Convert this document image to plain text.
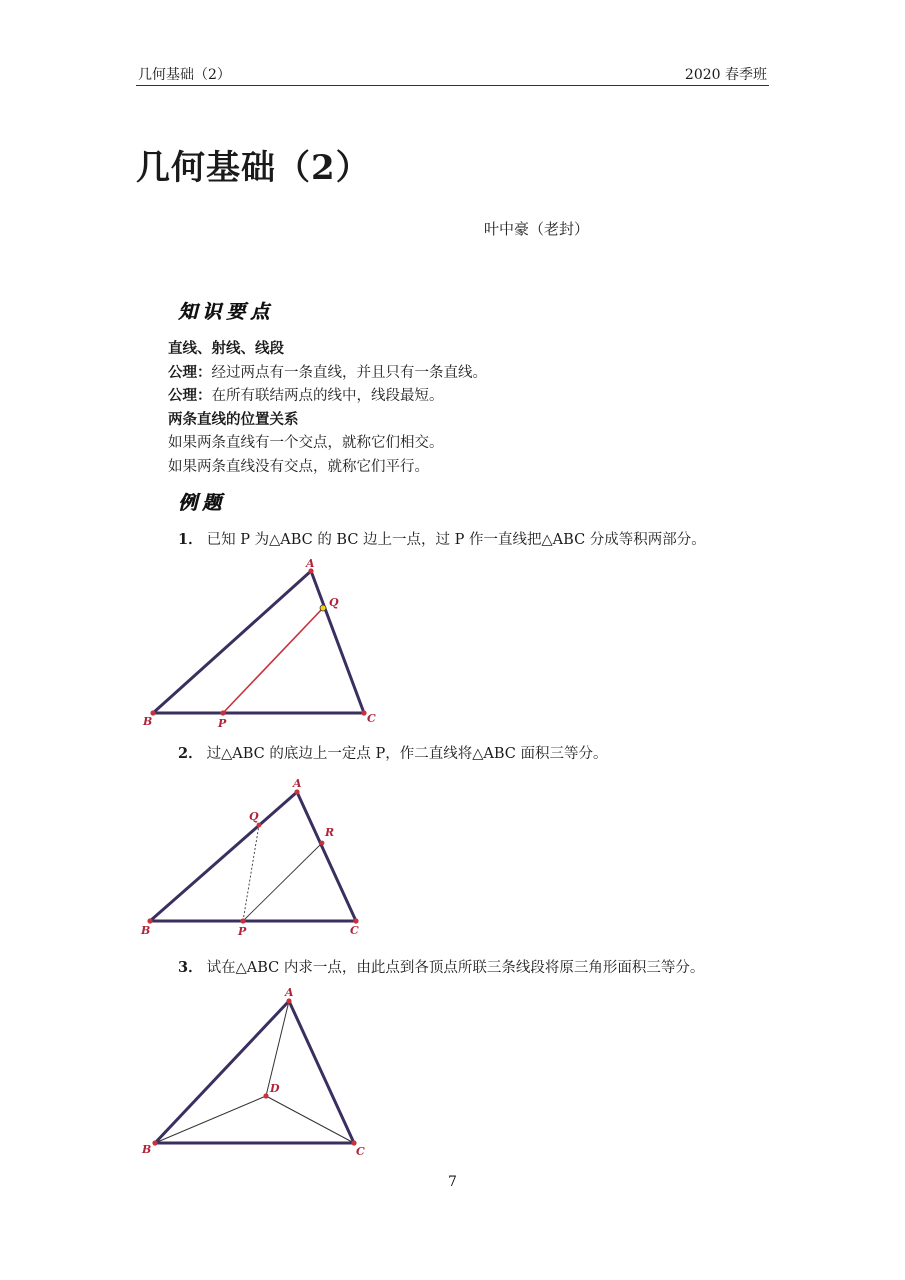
几何基础（2）	2020 春季班
几何基础（2）
叶中豪（老封）
知识要点
直线、射线、线段
公理：经过两点有一条直线，并且只有一条直线。
公理：在所有联结两点的线中，线段最短。
两条直线的位置关系
如果两条直线有一个交点，就称它们相交。
如果两条直线没有交点，就称它们平行。
例题
1． 已知 P 为△ABC 的 BC 边上一点，过 P 作一直线把△ABC 分成等积两部分。
2． 过△ABC 的底边上一定点 P，作二直线将△ABC 面积三等分。
3． 试在△ABC 内求一点，由此点到各顶点所联三条线段将原三角形面积三等分。
A
B	C
P
Q
A
B	C
P
Q
R
A
B	C
D
7
